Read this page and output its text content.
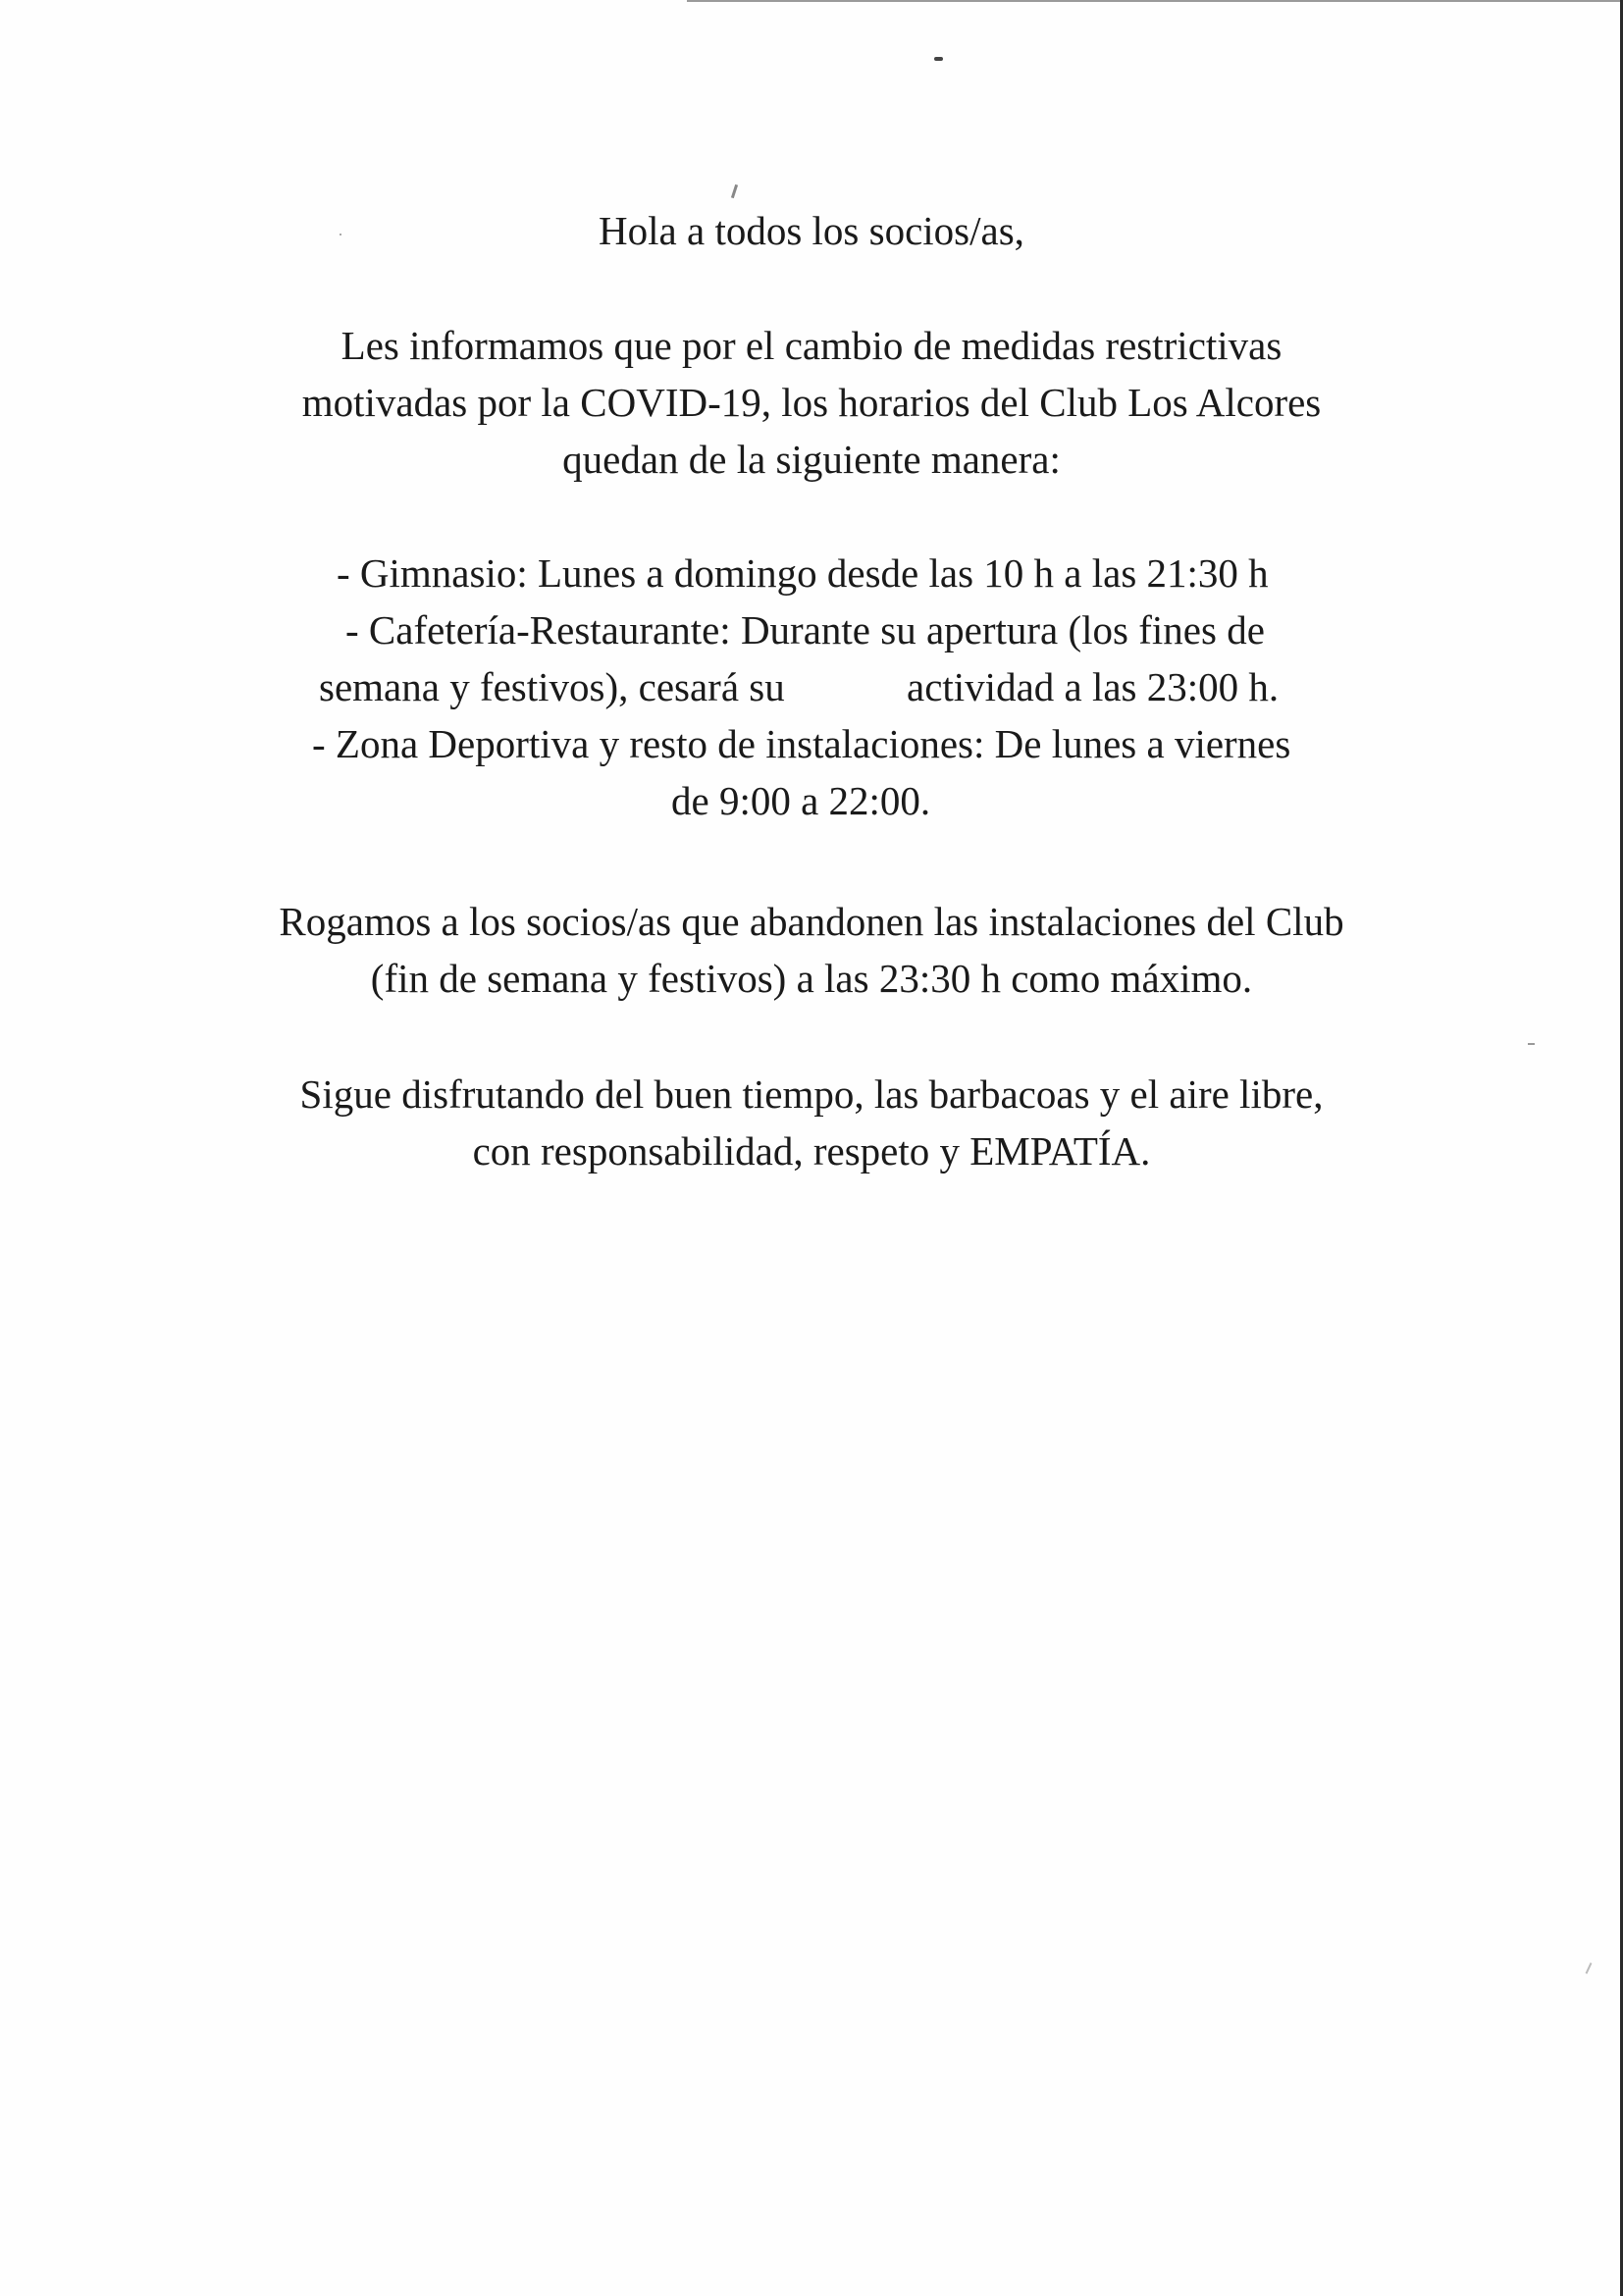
Hola a todos los socios/as,

Les informamos que por el cambio de medidas restrictivas

motivadas por la COVID-19, los horarios del Club Los Alcores

quedan de la siguiente manera:

- Gimnasio: Lunes a domingo desde las 10 h a las 21:30 h

- Cafetería-Restaurante: Durante su apertura (los fines de

semana y festivos), cesará su	actividad a las 23:00 h.

- Zona Deportiva y resto de instalaciones: De lunes a viernes

de 9:00 a 22:00.

Rogamos a los socios/as que abandonen las instalaciones del Club

(fin de semana y festivos) a las 23:30 h como máximo.

Sigue disfrutando del buen tiempo, las barbacoas y el aire libre,

con responsabilidad, respeto y EMPATÍA.
